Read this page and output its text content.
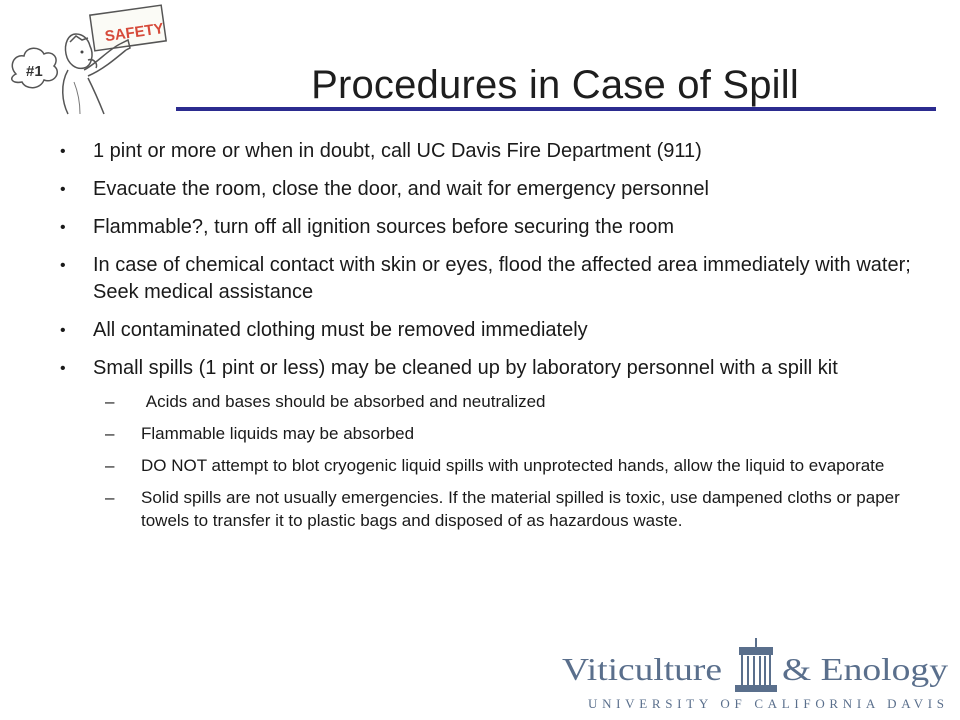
#1
SAFETY
Procedures in Case of Spill
• 1 pint or more or when in doubt, call UC Davis Fire Department (911)
• Evacuate the room, close the door, and wait for emergency personnel
• Flammable?, turn off all ignition sources before securing the room
• In case of chemical contact with skin or eyes, flood the affected area immediately with water; Seek medical assistance
• All contaminated clothing must be removed immediately
• Small spills (1 pint or less) may be cleaned up by laboratory personnel with a spill kit
– Acids and bases should be absorbed and neutralized
– Flammable liquids may be absorbed
– DO NOT attempt to blot cryogenic liquid spills with unprotected hands, allow the liquid to evaporate
– Solid spills are not usually emergencies. If the material spilled is toxic, use dampened cloths or paper towels to transfer it to plastic bags and disposed of as hazardous waste.
Viticulture & Enology
UNIVERSITY OF CALIFORNIA DAVIS
